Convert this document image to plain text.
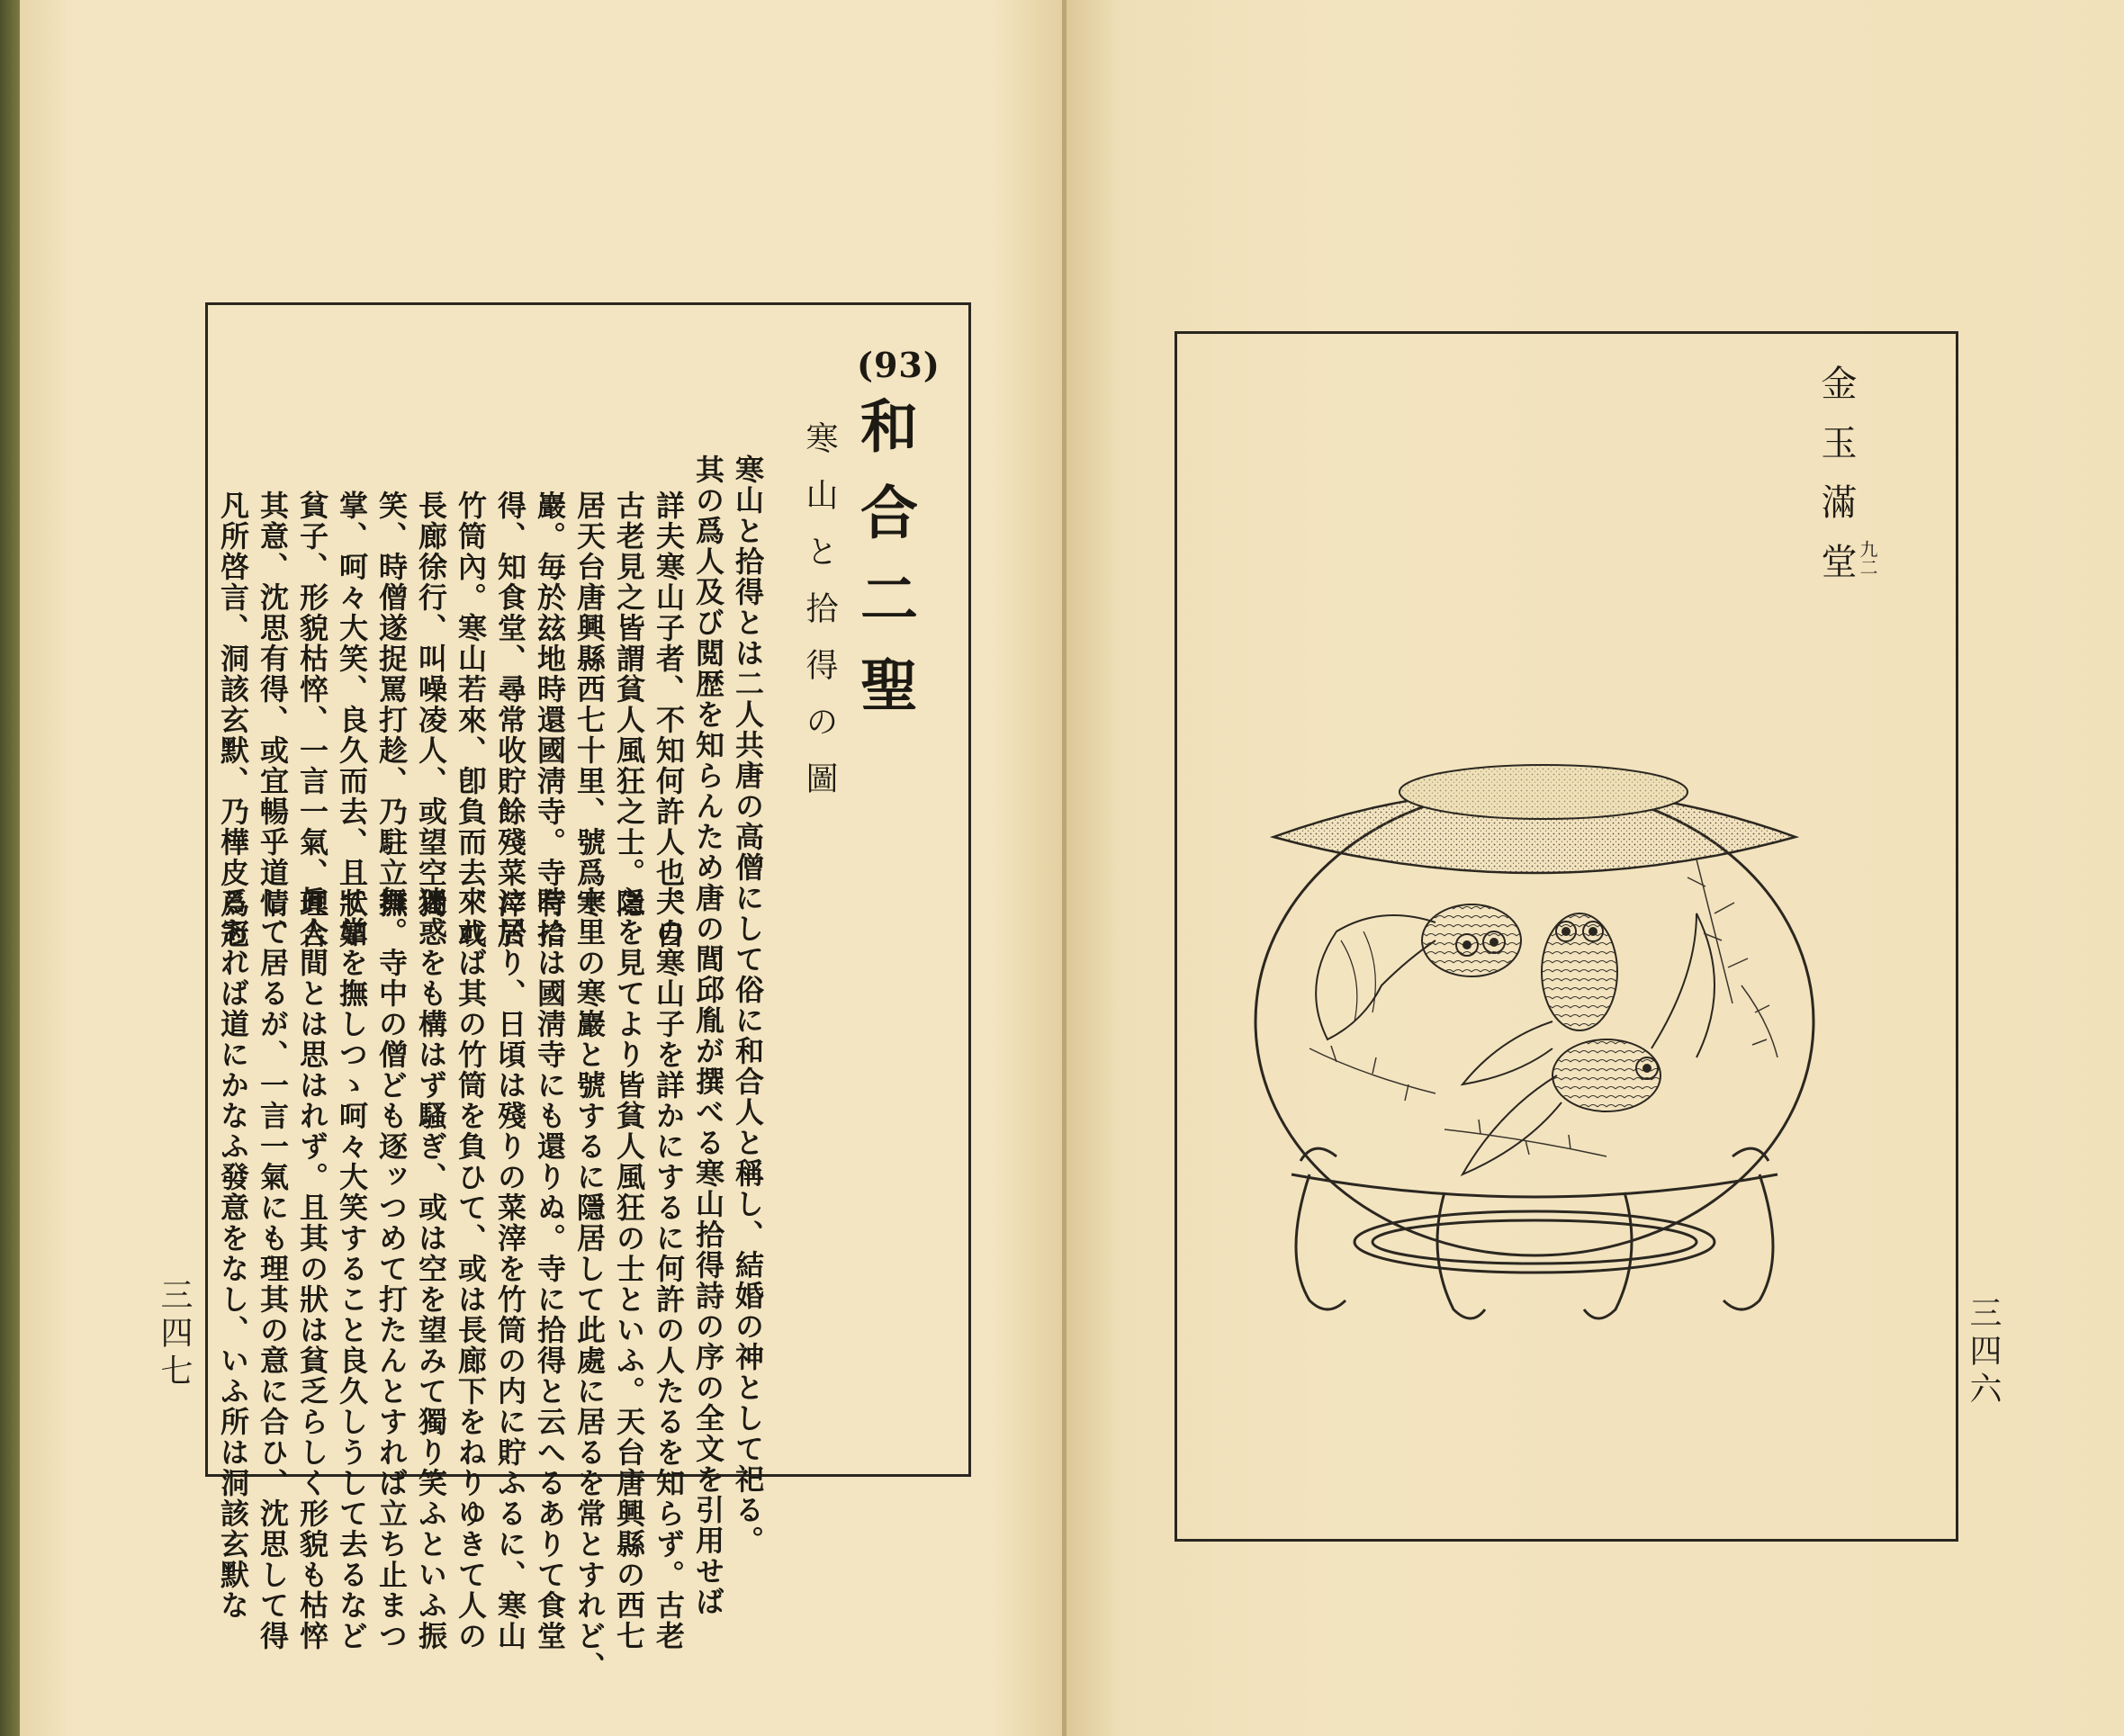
(93)
和合二聖
寒山と拾得の圖
寒山と拾得とは二人共唐の高僧にして俗に和合人と稱し、結婚の神として祀る。
其の爲人及び閲歴を知らんため唐の閭邱胤が撰べる寒山拾得詩の序の全文を引用せば
詳夫寒山子者、不知何許人也。自
古老見之皆謂貧人風狂之士。隱
居天台唐興縣西七十里、號爲寒
巖。毎於玆地時還國淸寺。寺有拾
得、知食堂、尋常收貯餘殘菜滓於
竹筒內。寒山若來、卽負而去、或
長廊徐行、叫噪凌人、或望空獨
笑、時僧遂捉罵打趁、乃駐立撫
掌、呵々大笑、良久而去、且狀如
貧子、形貌枯悴、一言一氣、理合
其意、沈思有得、或宜暢乎道情、
凡所啓言、洞該玄默、乃樺皮爲冠、
夫の寒山子を詳かにするに何許の人たるを知らず。古老
之を見てより皆貧人風狂の士といふ。天台唐興縣の西七
十里の寒巖と號するに隱居して此處に居るを常とすれど、
時には國淸寺にも還りぬ。寺に拾得と云へるありて食堂
に居り、日頃は殘りの菜滓を竹筒の内に貯ふるに、寒山
來れば其の竹筒を負ひて、或は長廊下をねりゆきて人の
迷惑をも構はず騷ぎ、或は空を望みて獨り笑ふといふ振
舞。寺中の僧ども逐ッつめて打たんとすれば立ち止まつ
て掌を撫しつゝ呵々大笑すること良久しうして去るなど
眞人間とは思はれず。且其の狀は貧乏らしく形貌も枯悴
して居るが、一言一氣にも理其の意に合ひ、沈思して得
るあれば道にかなふ發意をなし、いふ所は洞該玄默な
三四七
金玉滿堂 九二
三四六
